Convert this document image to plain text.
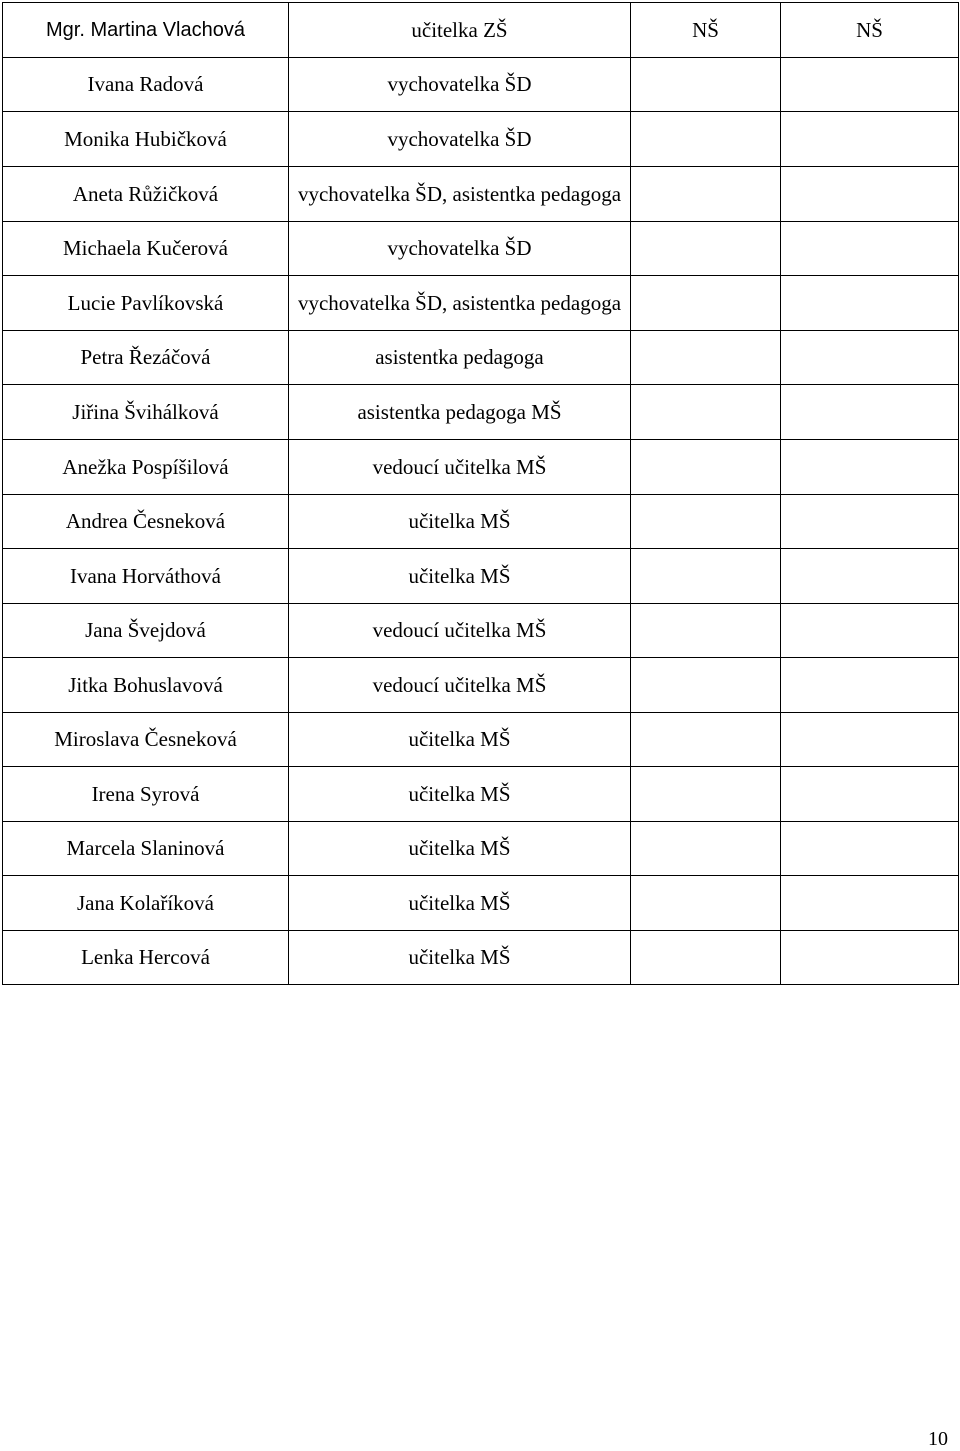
Mgr. Martina Vlachová	učitelka ZŠ	NŠ	NŠ
Ivana Radová	vychovatelka ŠD		
Monika Hubičková	vychovatelka ŠD		
Aneta Růžičková	vychovatelka ŠD, asistentka pedagoga		
Michaela Kučerová	vychovatelka ŠD		
Lucie Pavlíkovská	vychovatelka ŠD, asistentka pedagoga		
Petra Řezáčová	asistentka pedagoga		
Jiřina Švihálková	asistentka pedagoga MŠ		
Anežka Pospíšilová	vedoucí učitelka MŠ		
Andrea Česneková	učitelka MŠ		
Ivana Horváthová	učitelka MŠ		
Jana Švejdová	vedoucí učitelka MŠ		
Jitka Bohuslavová	vedoucí učitelka MŠ		
Miroslava Česneková	učitelka MŠ		
Irena Syrová	učitelka MŠ		
Marcela Slaninová	učitelka MŠ		
Jana Kolaříková	učitelka MŠ		
Lenka Hercová	učitelka MŠ		
10
